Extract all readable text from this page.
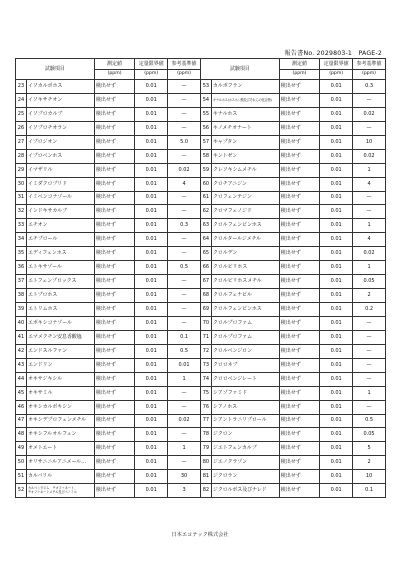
報告書No. 2029803-1　PAGE-2
試験項目		測定値	定量限界値	参考基準値	試験項目		測定値	定量限界値	参考基準値
		(ppm)	(ppm)	(ppm)			(ppm)	(ppm)	(ppm)
23	イソカルボホス	検出せず	0.01	—	53	カルボフラン	検出せず	0.01	0.3
24	イソキサチオン	検出せず	0.01	—	54	キナルホス(ホスホン酸及びそれらの化合物)	検出せず	0.01	—
25	イソプロカルブ	検出せず	0.01	—	55	キナルホス	検出せず	0.01	0.02
26	イソプロチオラン	検出せず	0.01	—	56	キノメチオナート	検出せず	0.01	—
27	イプロジオン	検出せず	0.01	5.0	57	キャプタン	検出せず	0.01	10
28	イプロベンホス	検出せず	0.01	—	58	キントゼン	検出せず	0.01	0.02
29	イマザリル	検出せず	0.01	0.02	59	クレソキシムメチル	検出せず	0.01	1
30	イミダクロプリド	検出せず	0.01	4	60	クロチアニジン	検出せず	0.01	4
31	イミベンコナゾール	検出せず	0.01	—	61	クロフェンテジン	検出せず	0.01	—
32	インドキサカルブ	検出せず	0.01	—	62	クロマフェノジド	検出せず	0.01	—
33	エチオン	検出せず	0.01	0.3	63	クロルフェンビンホス	検出せず	0.01	1
34	エチプロール	検出せず	0.01	—	64	クロルタールジメチル	検出せず	0.01	4
35	エディフェンホス	検出せず	0.01	—	65	クロルデン	検出せず	0.01	0.02
36	エトキサゾール	検出せず	0.01	0.5	66	クロルピリホス	検出せず	0.01	1
37	エトフェンプロックス	検出せず	0.01	—	67	クロルピリホスメチル	検出せず	0.01	0.05
38	エトプロホス	検出せず	0.01	—	68	クロルフェナピル	検出せず	0.01	2
39	エトリムホス	検出せず	0.01	—	69	クロルフェンビンホス	検出せず	0.01	0.2
40	エポキシコナゾール	検出せず	0.01	—	70	クロルプロファム	検出せず	0.01	—
41	エマメクチン安息香酸塩	検出せず	0.01	0.1	71	クロルプロファム	検出せず	0.01	—
42	エンドスルファン	検出せず	0.01	0.5	72	クロルベンジロン	検出せず	0.01	—
43	エンドリン	検出せず	0.01	0.01	73	クロロネブ	検出せず	0.01	—
44	オキサジキシル	検出せず	0.01	1	74	クロロベンジレート	検出せず	0.01	—
45	オキサミル	検出せず	0.01	—	75	シアゾファミド	検出せず	0.01	1
46	オキシカルボキシン	検出せず	0.01	—	76	シアノホス	検出せず	0.01	—
47	オキシデプロフェンメチル	検出せず	0.01	0.02	77	シアントラニリプロール	検出せず	0.01	0.5
48	オキシフルオルフェン	検出せず	0.01	—	78	ジクロン	検出せず	0.01	0.05
49	オメトエート	検出せず	0.01	1	79	ジエトフェンカルブ	検出せず	0.01	5
50	オリサニニルアニメール…	検出せず	0.01	—	80	ジエノクラゾン	検出せず	0.01	2
51	カルバリル	検出せず	0.01	30	81	ジクロラン	検出せず	0.01	10
52	カルベンダジム、チオファネート、
チオファネートメチル及びベノミル	検出せず	0.01	3	82	ジクロルボス及びナレド	検出せず	0.01	0.1
日本エコテック株式会社
